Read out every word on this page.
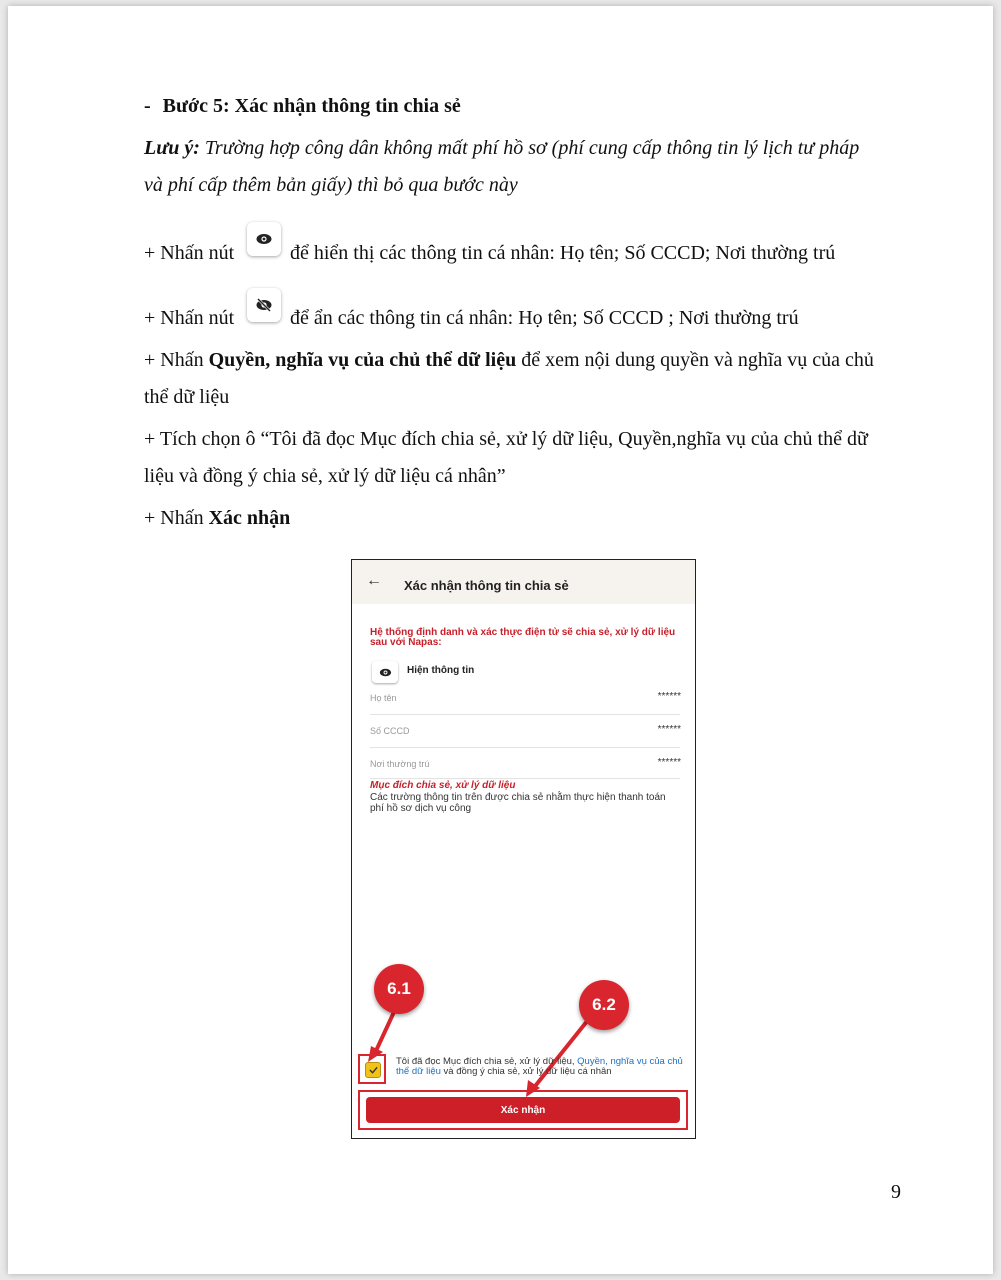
- Bước 5: Xác nhận thông tin chia sẻ
Lưu ý: Trường hợp công dân không mất phí hồ sơ (phí cung cấp thông tin lý lịch tư pháp
và phí cấp thêm bản giấy) thì bỏ qua bước này
+ Nhấn nút	để hiển thị các thông tin cá nhân: Họ tên; Số CCCD; Nơi thường trú
+ Nhấn nút	để ẩn các thông tin cá nhân: Họ tên; Số CCCD ; Nơi thường trú
+ Nhấn Quyền, nghĩa vụ của chủ thể dữ liệu để xem nội dung quyền và nghĩa vụ của chủ
thể dữ liệu
+ Tích chọn ô “Tôi đã đọc Mục đích chia sẻ, xử lý dữ liệu, Quyền,nghĩa vụ của chủ thể dữ
liệu và đồng ý chia sẻ, xử lý dữ liệu cá nhân”
+ Nhấn Xác nhận
9
← Xác nhận thông tin chia sẻ
Hệ thống định danh và xác thực điện tử sẽ chia sẻ, xử lý dữ liệu sau với Napas:
Hiện thông tin
Họ tên	******
Số CCCD	******
Nơi thường trú	******
Mục đích chia sẻ, xử lý dữ liệu
Các trường thông tin trên được chia sẻ nhằm thực hiện thanh toán phí hồ sơ dịch vụ công
6.1
6.2
Tôi đã đọc Mục đích chia sẻ, xử lý dữ liệu, Quyền, nghĩa vụ của chủ thể dữ liệu và đồng ý chia sẻ, xử lý dữ liệu cá nhân
Xác nhận
